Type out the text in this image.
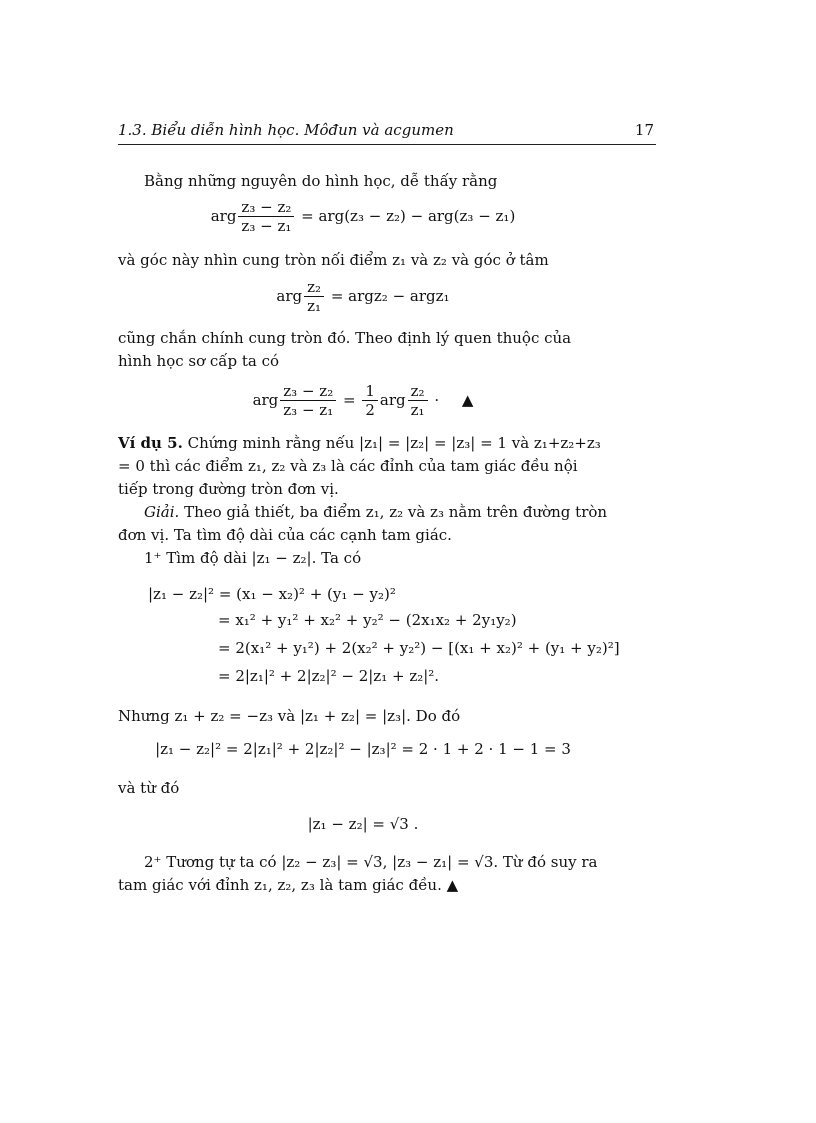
1.3. Biểu diễn hình học. Môđun và acgumen	17
Bằng những nguyên do hình học, dễ thấy rằng
arg $\frac{\text{z₃ − z₂}}{\text{z₃ − z₁}} = arg(z_3 - z_2) - arg(z_3 - z_1)$
và góc này nhìn cung tròn nối điểm z₁ và z₂ và góc ở tâm
arg $\frac{\text{z₂}}{\text{z₁}}$ = argz₂ − argz₁
cũng chắn chính cung tròn đó. Theo định lý quen thuộc của hình học sơ cấp ta có
arg $\frac{\text{z₃ − z₂}}{\text{z₃ − z₁}} = \frac{1}{2}$ arg $\frac{\text{z₂}}{\text{z₁}}$ · ▲
Ví dụ 5. Chứng minh rằng nếu |z₁| = |z₂| = |z₃| = 1 và z₁+z₂+z₃ = 0 thì các điểm z₁, z₂ và z₃ là các đỉnh của tam giác đều nội tiếp trong đường tròn đơn vị.
Giải. Theo giả thiết, ba điểm z₁, z₂ và z₃ nằm trên đường tròn đơn vị. Ta tìm độ dài của các cạnh tam giác.
1⁺ Tìm độ dài |z₁ − z₂|. Ta có
|z₁ − z₂|² = (x₁ − x₂)² + (y₁ − y₂)²
= x₁² + y₁² + x₂² + y₂² − (2x₁x₂ + 2y₁y₂)
= 2(x₁² + y₁²) + 2(x₂² + y₂²) − [(x₁ + x₂)² + (y₁ + y₂)²]
= 2|z₁|² + 2|z₂|² − 2|z₁ + z₂|².
Nhưng z₁ + z₂ = −z₃ và |z₁ + z₂| = |z₃|. Do đó
|z₁ − z₂|² = 2|z₁|² + 2|z₂|² − |z₃|² = 2 · 1 + 2 · 1 − 1 = 3
và từ đó
|z₁ − z₂| = √3 .
2⁺ Tương tự ta có |z₂ − z₃| = √3, |z₃ − z₁| = √3. Từ đó suy ra tam giác với đỉnh z₁, z₂, z₃ là tam giác đều. ▲
